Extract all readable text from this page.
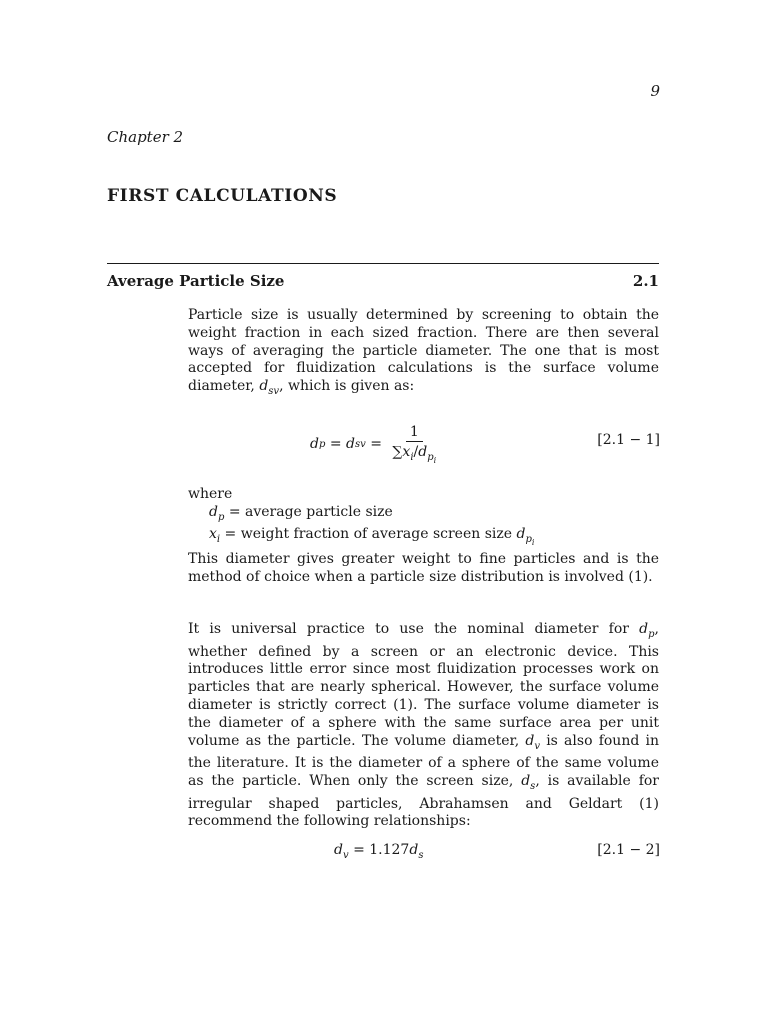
9
Chapter 2
FIRST CALCULATIONS
Average Particle Size	2.1
Particle size is usually determined by screening to obtain the weight fraction in each sized fraction. There are then several ways of averaging the particle diameter. The one that is most accepted for fluidization calculations is the surface volume diameter, $d_{sv}$, which is given as:
d p = d sv = $\frac{1}{\sum x_i/d_{p_i}}$	[2.1 − 1]
where
$d_p$ = average particle size
$x_i$ = weight fraction of average screen size $d_{p_i}$
This diameter gives greater weight to fine particles and is the method of choice when a particle size distribution is involved (1).
It is universal practice to use the nominal diameter for $d_p$, whether defined by a screen or an electronic device. This introduces little error since most fluidization processes work on particles that are nearly spherical. However, the surface volume diameter is strictly correct (1). The surface volume diameter is the diameter of a sphere with the same surface area per unit volume as the particle. The volume diameter, $d_v$ is also found in the literature. It is the diameter of a sphere of the same volume as the particle. When only the screen size, $d_s$, is available for irregular shaped particles, Abrahamsen and Geldart (1) recommend the following relationships:
$d_v = 1.127d_s$	[2.1 − 2]
